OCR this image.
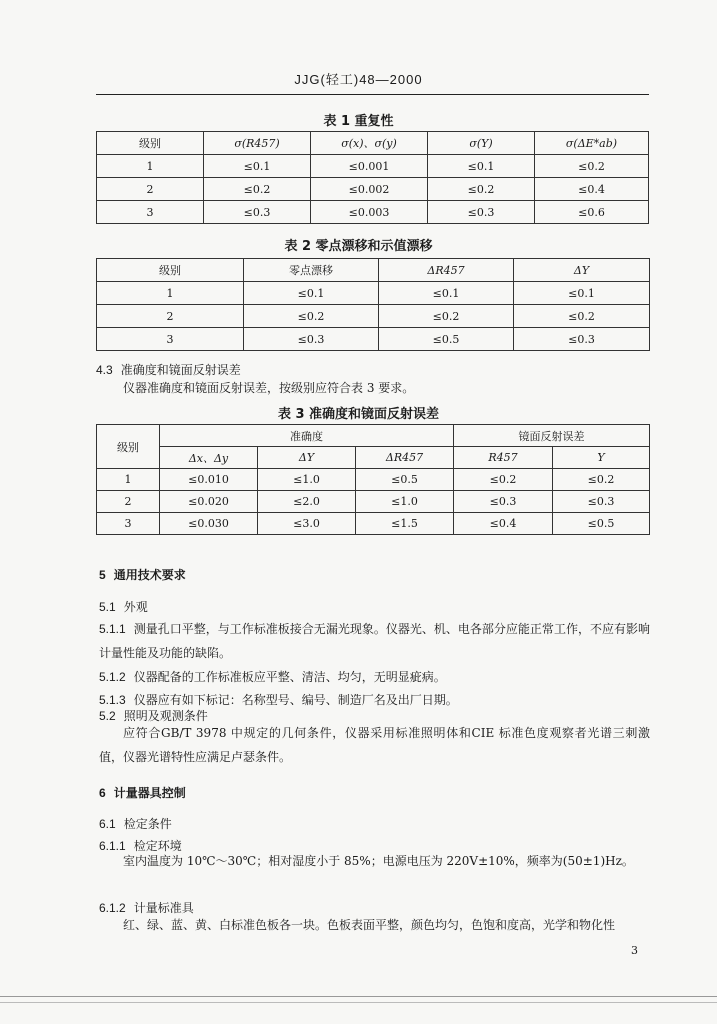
JJG(轻工)48—2000
表 1 重复性
级别	σ(R457)	σ(x)、σ(y)	σ(Y)	σ(ΔE*ab)
1	≤0.1	≤0.001	≤0.1	≤0.2
2	≤0.2	≤0.002	≤0.2	≤0.4
3	≤0.3	≤0.003	≤0.3	≤0.6
表 2 零点漂移和示值漂移
级别	零点漂移	ΔR457	ΔY
1	≤0.1	≤0.1	≤0.1
2	≤0.2	≤0.2	≤0.2
3	≤0.3	≤0.5	≤0.3
4.3 准确度和镜面反射误差
仪器准确度和镜面反射误差，按级别应符合表 3 要求。
表 3 准确度和镜面反射误差
级别	准确度			镜面反射误差	
	Δx、Δy	ΔY	ΔR457	R457	Y
1	≤0.010	≤1.0	≤0.5	≤0.2	≤0.2
2	≤0.020	≤2.0	≤1.0	≤0.3	≤0.3
3	≤0.030	≤3.0	≤1.5	≤0.4	≤0.5
5 通用技术要求
5.1 外观
5.1.1 测量孔口平整，与工作标准板接合无漏光现象。仪器光、机、电各部分应能正常工作，不应有影响计量性能及功能的缺陷。
5.1.2 仪器配备的工作标准板应平整、清洁、均匀，无明显疵病。
5.1.3 仪器应有如下标记：名称型号、编号、制造厂名及出厂日期。
5.2 照明及观测条件
应符合GB/T 3978 中规定的几何条件，仪器采用标准照明体和CIE 标准色度观察者光谱三刺激值，仪器光谱特性应满足卢瑟条件。
6 计量器具控制
6.1 检定条件
6.1.1 检定环境
室内温度为 10℃～30℃；相对湿度小于 85%；电源电压为 220V±10%，频率为(50±1)Hz。
6.1.2 计量标准具
红、绿、蓝、黄、白标准色板各一块。色板表面平整，颜色均匀，色饱和度高，光学和物化性
3
